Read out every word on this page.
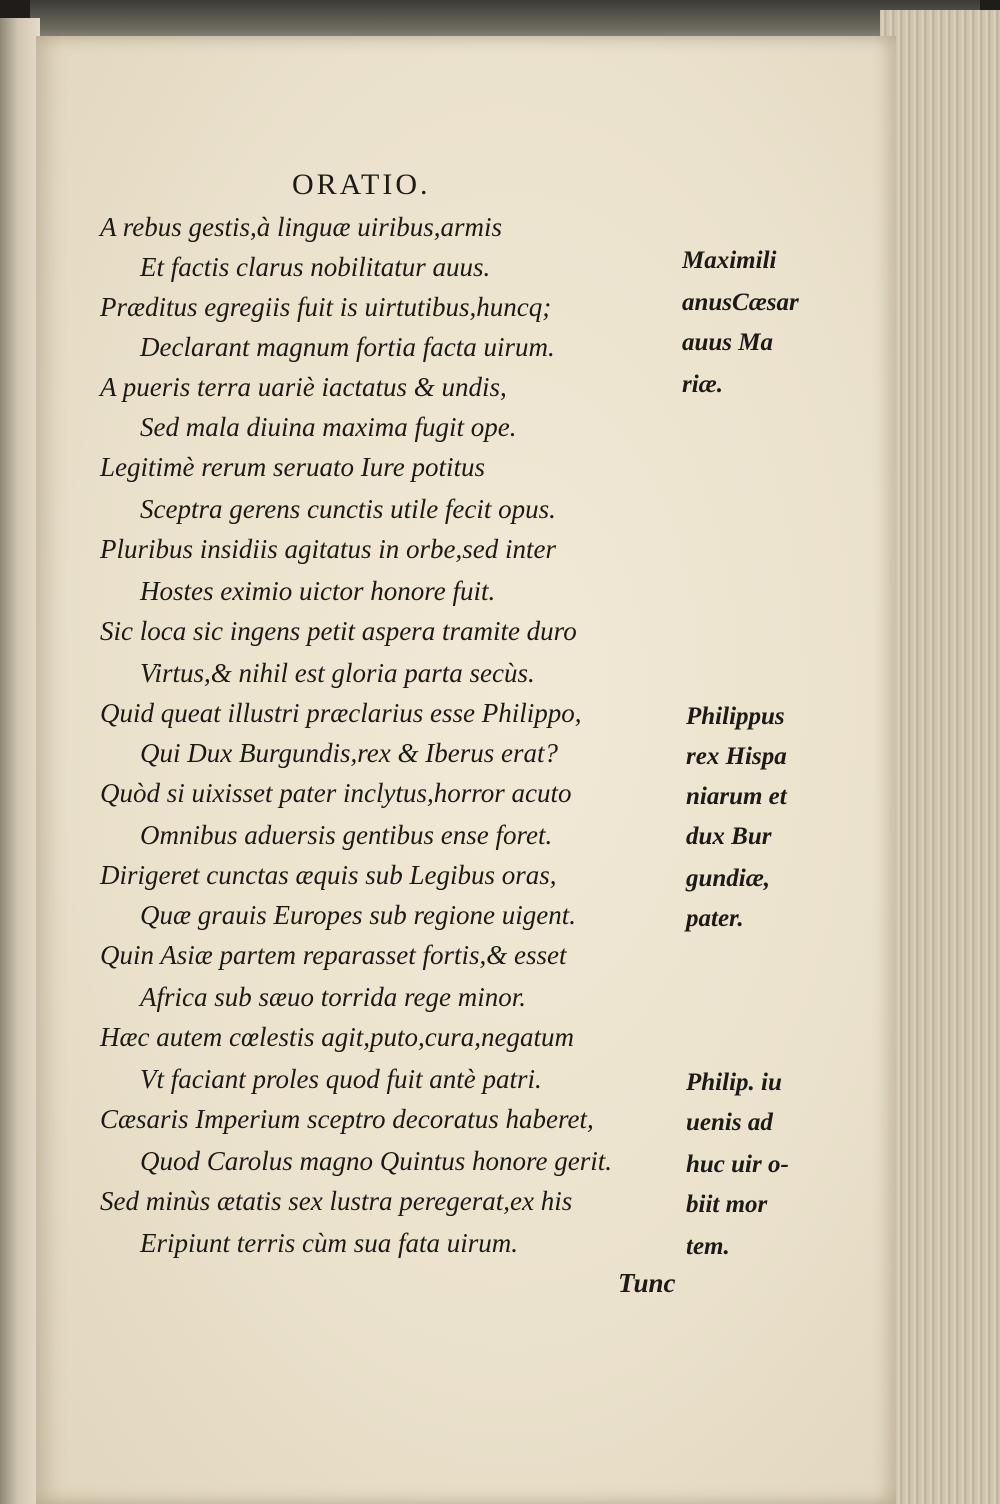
ORATIO.
A rebus gestis,à linguæ uiribus,armis
Et factis clarus nobilitatur auus.
Præditus egregiis fuit is uirtutibus,huncq;
Declarant magnum fortia facta uirum.
A pueris terra uariè iactatus & undis,
Sed mala diuina maxima fugit ope.
Legitimè rerum seruato Iure potitus
Sceptra gerens cunctis utile fecit opus.
Pluribus insidiis agitatus in orbe,sed inter
Hostes eximio uictor honore fuit.
Sic loca sic ingens petit aspera tramite duro
Virtus,& nihil est gloria parta secùs.
Quid queat illustri præclarius esse Philippo,
Qui Dux Burgundis,rex & Iberus erat?
Quòd si uixisset pater inclytus,horror acuto
Omnibus aduersis gentibus ense foret.
Dirigeret cunctas æquis sub Legibus oras,
Quæ grauis Europes sub regione uigent.
Quin Asiæ partem reparasset fortis,& esset
Africa sub sæuo torrida rege minor.
Hæc autem cœlestis agit,puto,cura,negatum
Vt faciant proles quod fuit antè patri.
Cæsaris Imperium sceptro decoratus haberet,
Quod Carolus magno Quintus honore gerit.
Sed minùs ætatis sex lustra peregerat,ex his
Eripiunt terris cùm sua fata uirum.
Maximili
anusCæsar
auus Ma
riæ.
Philippus
rex Hispa
niarum et
dux Bur
gundiæ,
pater.
Philip. iu
uenis ad
huc uir o-
biit mor
tem.
Tunc
